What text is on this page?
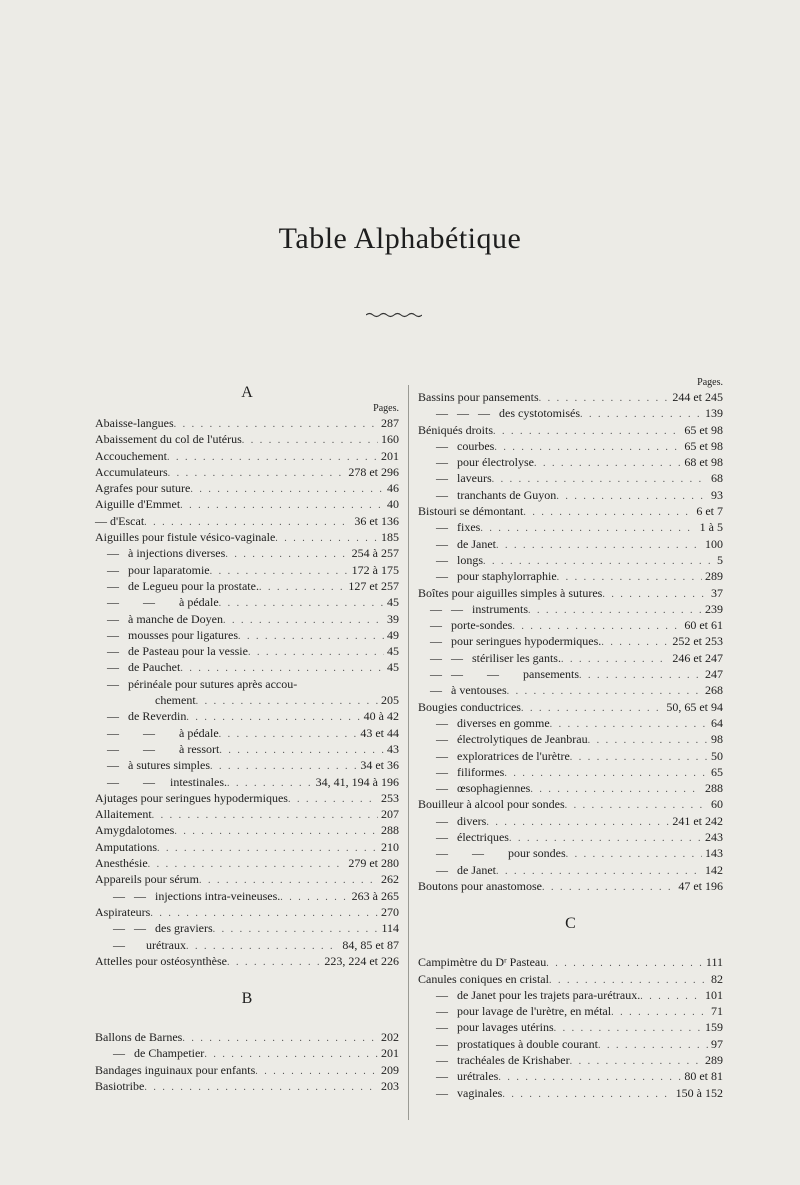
Table Alphabétique
A
Pages.
Abaisse-langues . . .	287
Abaissement du col de l'utérus . . .	160
Accouchement . . .	201
Accumulateurs . . .	278 et 296
Agrafes pour suture . . .	46
Aiguille d'Emmet . . .	40
— d'Escat . . .	36 et 136
Aiguilles pour fistule vésico-vaginale . . .	185
—   à injections diverses . . .	254 à 257
—   pour laparatomie . . .	172 à 175
—   de Legueu pour la prostate. . . .	127 et 257
—        —        à pédale . . .	45
—   à manche de Doyen . . .	39
—   mousses pour ligatures . . .	49
—   de Pasteau pour la vessie . . .	45
—   de Pauchet . . .	45
—   périnéale pour sutures après accou-
chement . . .	205
—   de Reverdin . . .	40 à 42
—        —        à pédale . . .	43 et 44
—        —        à ressort . . .	43
—   à sutures simples . . .	34 et 36
—        —     intestinales. . . .	34, 41, 194 à 196
Ajutages pour seringues hypodermiques . . .	253
Allaitement . . .	207
Amygdalotomes . . .	288
Amputations . . .	210
Anesthésie . . .	279 et 280
Appareils pour sérum . . .	262
—   —   injections intra-veineuses. . . .	263 à 265
Aspirateurs . . .	270
—   —   des graviers . . .	114
—       urétraux . . .	84, 85 et 87
Attelles pour ostéosynthèse . . .	223, 224 et 226
B
Ballons de Barnes . . .	202
—   de Champetier . . .	201
Bandages inguinaux pour enfants . . .	209
Basiotribe . . .	203
Pages.
Bassins pour pansements . . .	244 et 245
—   —   —   des cystotomisés . . .	139
Béniqués droits . . .	65 et 98
—   courbes . . .	65 et 98
—   pour électrolyse . . .	68 et 98
—   laveurs . . .	68
—   tranchants de Guyon . . .	93
Bistouri se démontant . . .	6 et 7
—   fixes . . .	1 à 5
—   de Janet . . .	100
—   longs . . .	5
—   pour staphylorraphie . . .	289
Boîtes pour aiguilles simples à sutures . . .	37
—   —   instruments . . .	239
—   porte-sondes . . .	60 et 61
—   pour seringues hypodermiques. . . .	252 et 253
—   —   stériliser les gants. . . .	246 et 247
—   —        —        pansements . . .	247
—   à ventouses . . .	268
Bougies conductrices . . .	50, 65 et 94
—   diverses en gomme . . .	64
—   électrolytiques de Jeanbrau . . .	98
—   exploratrices de l'urètre . . .	50
—   filiformes . . .	65
—   œsophagiennes . . .	288
Bouilleur à alcool pour sondes . . .	60
—   divers . . .	241 et 242
—   électriques . . .	243
—        —        pour sondes . . .	143
—   de Janet . . .	142
Boutons pour anastomose . . .	47 et 196
C
Campimètre du Dʳ Pasteau . . .	111
Canules coniques en cristal . . .	82
—   de Janet pour les trajets para-urétraux. . . .	101
—   pour lavage de l'urètre, en métal . . .	71
—   pour lavages utérins . . .	159
—   prostatiques à double courant . . .	97
—   trachéales de Krishaber . . .	289
—   urétrales . . .	80 et 81
—   vaginales . . .	150 à 152
